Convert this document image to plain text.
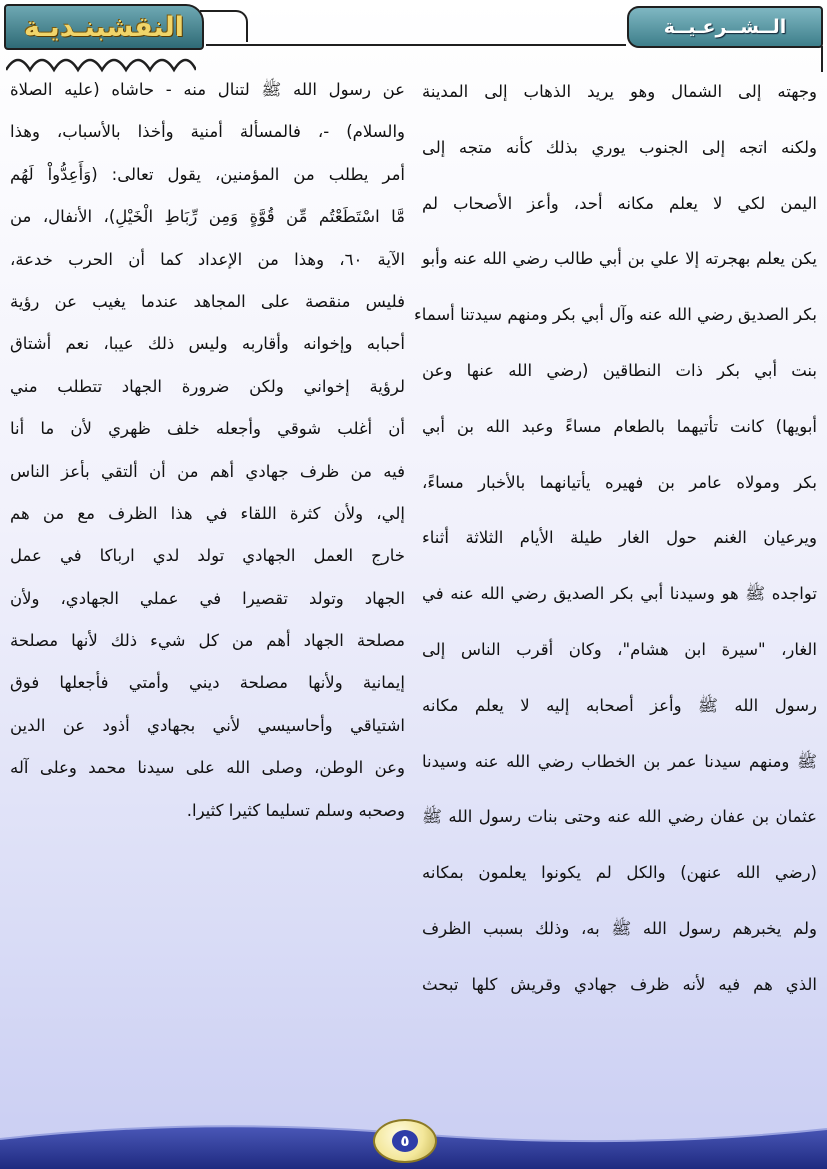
الــشــرعـيــة
النقشبنـديـة
وجهته إلى الشمال وهو يريد الذهاب إلى المدينة
ولكنه اتجه إلى الجنوب يوري بذلك كأنه متجه إلى
اليمن لكي لا يعلم مكانه أحد، وأعز الأصحاب لم
يكن يعلم بهجرته إلا علي بن أبي طالب رضي الله عنه وأبو
بكر الصديق رضي الله عنه وآل أبي بكر ومنهم سيدتنا أسماء
بنت أبي بكر ذات النطاقين (رضي الله عنها وعن
أبويها) كانت تأتيهما بالطعام مساءً وعبد الله بن أبي
بكر ومولاه عامر بن فهيره يأتيانهما بالأخبار مساءً،
ويرعيان الغنم حول الغار طيلة الأيام الثلاثة أثناء
تواجده ﷺ هو وسيدنا أبي بكر الصديق رضي الله عنه في
الغار، "سيرة ابن هشام"، وكان أقرب الناس إلى
رسول الله ﷺ وأعز أصحابه إليه لا يعلم مكانه
ﷺ ومنهم سيدنا عمر بن الخطاب رضي الله عنه وسيدنا
عثمان بن عفان رضي الله عنه وحتى بنات رسول الله ﷺ
(رضي الله عنهن) والكل لم يكونوا يعلمون بمكانه
ولم يخبرهم رسول الله ﷺ به، وذلك بسبب الظرف
الذي هم فيه لأنه ظرف جهادي وقريش كلها تبحث
عن رسول الله ﷺ لتنال منه - حاشاه (عليه الصلاة
والسلام) -، فالمسألة أمنية وأخذا بالأسباب، وهذا
أمر يطلب من المؤمنين، يقول تعالى: (وَأَعِدُّواْ لَهُم
مَّا اسْتَطَعْتُم مِّن قُوَّةٍ وَمِن رِّبَاطِ الْخَيْلِ)، الأنفال، من
الآية ٦٠، وهذا من الإعداد كما أن الحرب خدعة،
فليس منقصة على المجاهد عندما يغيب عن رؤية
أحبابه وإخوانه وأقاربه وليس ذلك عيبا، نعم أشتاق
لرؤية إخواني ولكن ضرورة الجهاد تتطلب مني
أن أغلب شوقي وأجعله خلف ظهري لأن ما أنا
فيه من ظرف جهادي أهم من أن ألتقي بأعز الناس
إلي، ولأن كثرة اللقاء في هذا الظرف مع من هم
خارج العمل الجهادي تولد لدي ارباكا في عمل
الجهاد وتولد تقصيرا في عملي الجهادي، ولأن
مصلحة الجهاد أهم من كل شيء ذلك لأنها مصلحة
إيمانية ولأنها مصلحة ديني وأمتي فأجعلها فوق
اشتياقي وأحاسيسي لأني بجهادي أذود عن الدين
وعن الوطن، وصلى الله على سيدنا محمد وعلى آله
وصحبه وسلم تسليما كثيرا كثيرا.
٥
